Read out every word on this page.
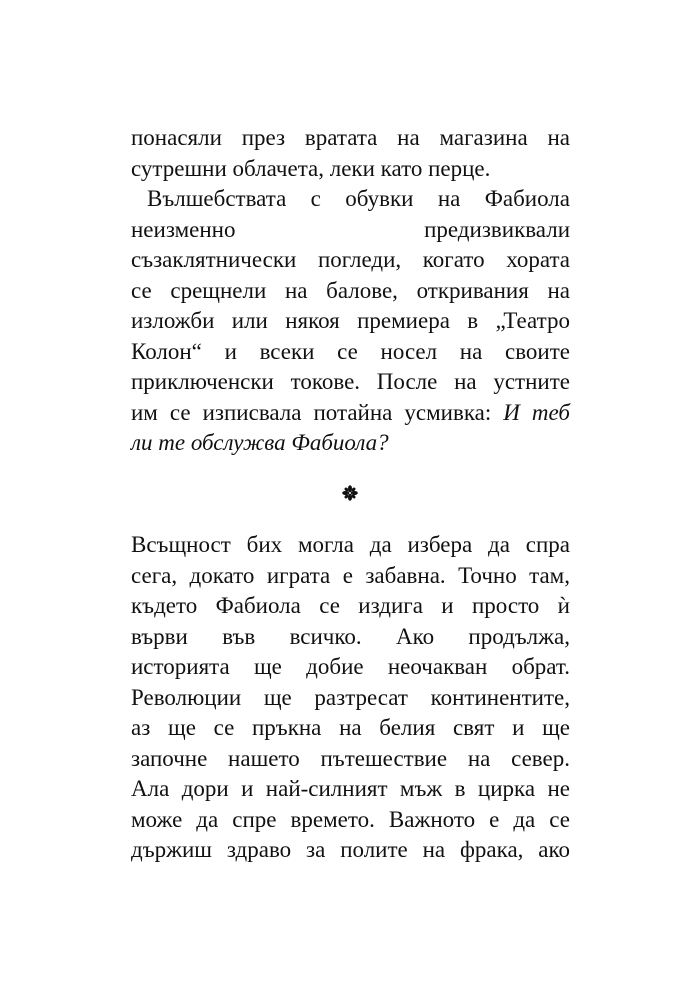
понасяли през вратата на магазина на
сутрешни облачета, леки като перце.
Вълшебствата с обувки на Фабиола
неизменно предизвиквали
съзаклятнически погледи, когато хората
се срещнели на балове, откривания на
изложби или някоя премиера в „Театро
Колон“ и всеки се носел на своите
приключенски токове. После на устните
им се изписвала потайна усмивка: И теб
ли те обслужва Фабиола?
Всъщност бих могла да избера да спра
сега, докато играта е забавна. Точно там,
където Фабиола се издига и просто ѝ
върви във всичко. Ако продължа,
историята ще добие неочакван обрат.
Революции ще разтресат континентите,
аз ще се пръкна на белия свят и ще
започне нашето пътешествие на север.
Ала дори и най-силният мъж в цирка не
може да спре времето. Важното е да се
държиш здраво за полите на фрака, ако
